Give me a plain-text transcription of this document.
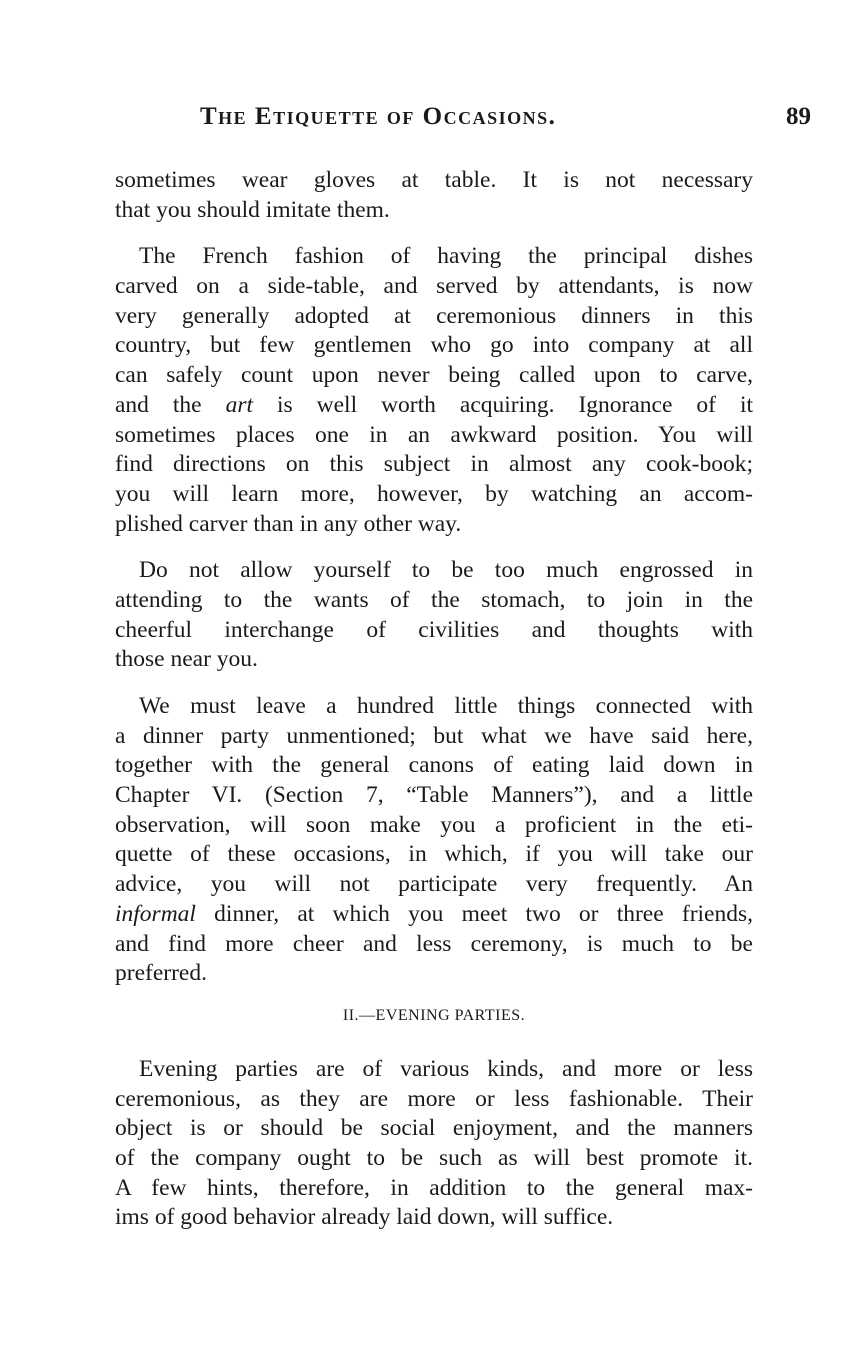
The Etiquette of Occasions.	89
sometimes wear gloves at table. It is not necessary
that you should imitate them.
The French fashion of having the principal dishes
carved on a side-table, and served by attendants, is now
very generally adopted at ceremonious dinners in this
country, but few gentlemen who go into company at all
can safely count upon never being called upon to carve,
and the art is well worth acquiring. Ignorance of it
sometimes places one in an awkward position. You will
find directions on this subject in almost any cook-book;
you will learn more, however, by watching an accom-
plished carver than in any other way.
Do not allow yourself to be too much engrossed in
attending to the wants of the stomach, to join in the
cheerful interchange of civilities and thoughts with
those near you.
We must leave a hundred little things connected with
a dinner party unmentioned; but what we have said here,
together with the general canons of eating laid down in
Chapter VI. (Section 7, “Table Manners”), and a little
observation, will soon make you a proficient in the eti-
quette of these occasions, in which, if you will take our
advice, you will not participate very frequently. An
informal dinner, at which you meet two or three friends,
and find more cheer and less ceremony, is much to be
preferred.
II.—EVENING PARTIES.
Evening parties are of various kinds, and more or less
ceremonious, as they are more or less fashionable. Their
object is or should be social enjoyment, and the manners
of the company ought to be such as will best promote it.
A few hints, therefore, in addition to the general max-
ims of good behavior already laid down, will suffice.
